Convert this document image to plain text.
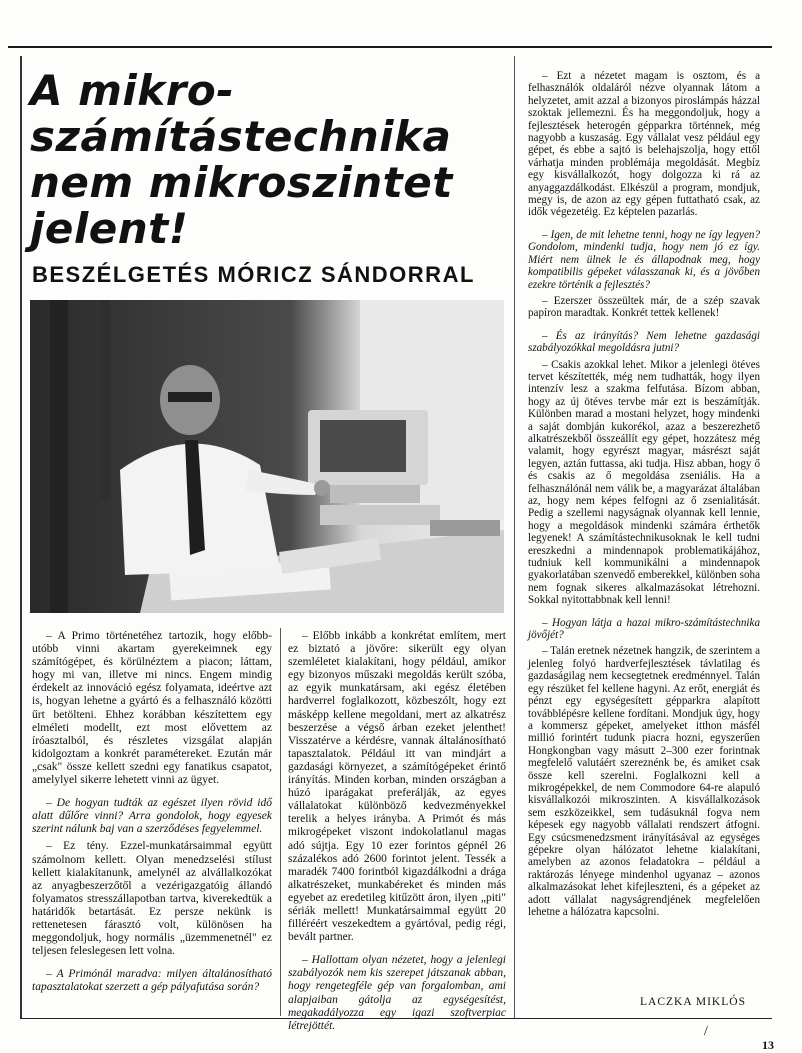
A mikro-
számítástechnika
nem mikroszintet
jelent!
BESZÉLGETÉS MÓRICZ SÁNDORRAL

– A Primo történetéhez tartozik, hogy előbb-utóbb vinni akartam gyerekeimnek egy számítógépet, és körülnéztem a piacon; láttam, hogy mi van, illetve mi nincs. Engem mindig érdekelt az innováció egész folyamata, ideértve azt is, hogyan lehetne a gyártó és a felhasználó közötti űrt betölteni. Ehhez korábban készítettem egy elméleti modellt, ezt most elővettem az íróasztalból, és részletes vizsgálat alapján kidolgoztam a konkrét paramétereket. Ezután már „csak" össze kellett szedni egy fanatikus csapatot, amelylyel sikerre lehetett vinni az ügyet.

– De hogyan tudták az egészet ilyen rövid idő alatt dűlőre vinni? Arra gondolok, hogy egyesek szerint nálunk baj van a szerződéses fegyelemmel.

– Ez tény. Ezzel-munkatársaimmal együtt számolnom kellett. Olyan menedzselési stílust kellett kialakítanunk, amelynél az alvállalkozókat az anyagbeszerzőtől a vezérigazgatóig állandó folyamatos stresszállapotban tartva, kiverekedtük a határidők betartását. Ez persze nekünk is rettenetesen fárasztó volt, különösen ha meggondoljuk, hogy normális „üzemmenetnél" ez teljesen feleslegesen lett volna.

– A Primónál maradva: milyen általánosítható tapasztalatokat szerzett a gép pályafutása során?

– Előbb inkább a konkrétat említem, mert ez biztató a jövőre: sikerült egy olyan szemléletet kialakítani, hogy például, amikor egy bizonyos műszaki megoldás került szóba, az egyik munkatársam, aki egész életében hardverrel foglalkozott, közbeszólt, hogy ezt másképp kellene megoldani, mert az alkatrész beszerzése a végső árban ezeket jelenthet! Visszatérve a kérdésre, vannak általánosítható tapasztalatok. Például itt van mindjárt a gazdasági környezet, a számítógépeket érintő irányítás. Minden korban, minden országban a húzó iparágakat preferálják, az egyes vállalatokat különböző kedvezményekkel terelik a helyes irányba. A Primót és más mikrogépeket viszont indokolatlanul magas adó sújtja. Egy 10 ezer forintos gépnél 26 százalékos adó 2600 forintot jelent. Tessék a maradék 7400 forintból kigazdálkodni a drága alkatrészeket, munkabéreket és minden más egyebet az eredetileg kitűzött áron, ilyen „piti" sériák mellett! Munkatársaimmal együtt 20 filléréért veszekedtem a gyártóval, pedig régi, bevált partner.

– Hallottam olyan nézetet, hogy a jelenlegi szabályozók nem kis szerepet játszanak abban, hogy rengetegféle gép van forgalomban, ami alapjaiban gátolja az egységesítést, megakadályozza egy igazi szoftverpiac létrejöttét.

– Ezt a nézetet magam is osztom, és a felhasználók oldaláról nézve olyannak látom a helyzetet, amit azzal a bizonyos piroslámpás házzal szoktak jellemezni. És ha meggondoljuk, hogy a fejlesztések heterogén gépparkra történnek, még nagyobb a kuszaság. Egy vállalat vesz például egy gépet, és ebbe a sajtó is belehajszolja, hogy ettől várhatja minden problémája megoldását. Megbíz egy kisvállalkozót, hogy dolgozza ki rá az anyaggazdálkodást. Elkészül a program, mondjuk, megy is, de azon az egy gépen futtatható csak, az idők végezetéig. Ez képtelen pazarlás.

– Igen, de mit lehetne tenni, hogy ne így legyen? Gondolom, mindenki tudja, hogy nem jó ez így. Miért nem ülnek le és állapodnak meg, hogy kompatibilis gépeket válasszanak ki, és a jövőben ezekre történik a fejlesztés?

– Ezerszer összeültek már, de a szép szavak papíron maradtak. Konkrét tettek kellenek!

– És az irányítás? Nem lehetne gazdasági szabályozókkal megoldásra jutni?

– Csakis azokkal lehet. Mikor a jelenlegi ötéves tervet készítették, még nem tudhatták, hogy ilyen intenzív lesz a szakma felfutása. Bízom abban, hogy az új ötéves tervbe már ezt is beszámítják. Különben marad a mostani helyzet, hogy mindenki a saját dombján kukorékol, azaz a beszerezhető alkatrészekből összeállít egy gépet, hozzátesz még valamit, hogy egyrészt magyar, másrészt saját legyen, aztán futtassa, aki tudja. Hisz abban, hogy ő és csakis az ő megoldása zseniális. Ha a felhasználónál nem válik be, a magyarázat általában az, hogy nem képes felfogni az ő zsenialitását. Pedig a szellemi nagyságnak olyannak kell lennie, hogy a megoldások mindenki számára érthetők legyenek! A számítástechnikusoknak le kell tudni ereszkedni a mindennapok problematikájához, tudniuk kell kommunikálni a mindennapok gyakorlatában szenvedő emberekkel, különben soha nem fognak sikeres alkalmazásokat létrehozni. Sokkal nyitottabbnak kell lenni!

– Hogyan látja a hazai mikro-számítástechnika jövőjét?

– Talán eretnek nézetnek hangzik, de szerintem a jelenleg folyó hardverfejlesztések távlatilag és gazdaságilag nem kecsegtetnek eredménnyel. Talán egy részüket fel kellene hagyni. Az erőt, energiát és pénzt egy egységesített gépparkra alapított továbblépésre kellene fordítani. Mondjuk úgy, hogy a kommersz gépeket, amelyeket itthon másfél millió forintért tudunk piacra hozni, egyszerűen Hongkongban vagy másutt 2–300 ezer forintnak megfelelő valutáért szereznénk be, és amiket csak össze kell szerelni. Foglalkozni kell a mikrogépekkel, de nem Commodore 64-re alapuló kisvállalkozói mikroszinten. A kisvállalkozások sem eszközeikkel, sem tudásuknál fogva nem képesek egy nagyobb vállalati rendszert átfogni. Egy csúcsmenedzsment irányításával az egységes gépekre olyan hálózatot lehetne kialakítani, amelyben az azonos feladatokra – például a raktározás lényege mindenhol ugyanaz – azonos alkalmazásokat lehet kifejleszteni, és a gépeket az adott vállalat nagyságrendjének megfelelően lehetne a hálózatra kapcsolni.

LACZKA MIKLÓS
/
13
